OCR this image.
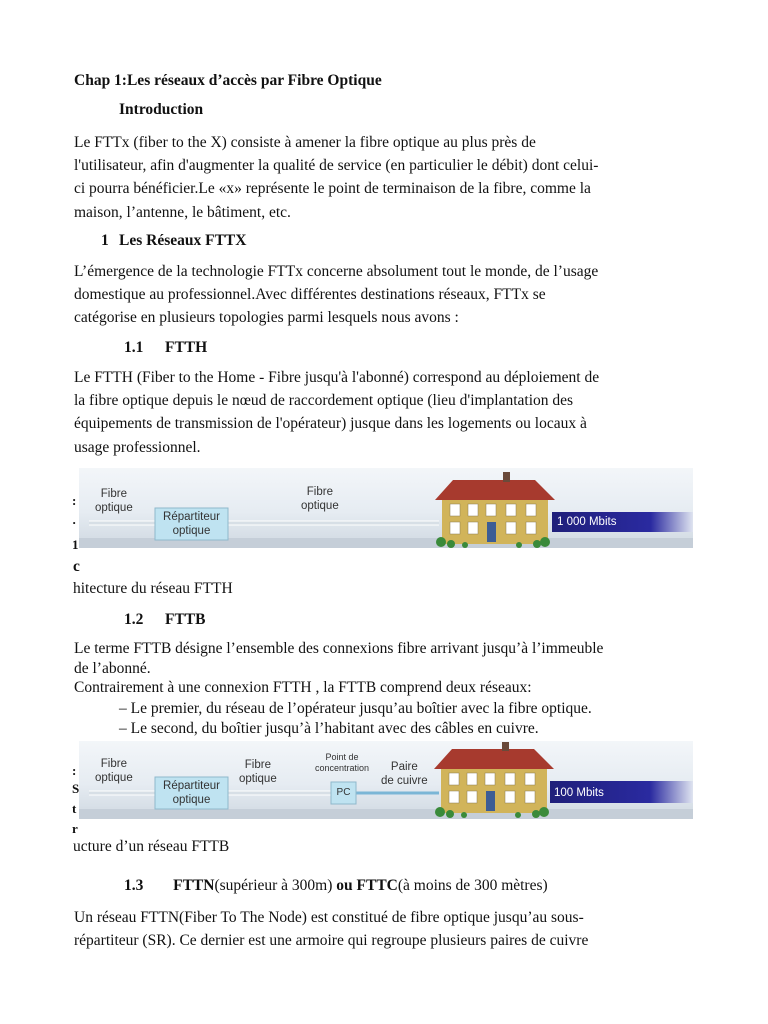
Chap 1:Les réseaux d’accès par Fibre Optique
Introduction
Le FTTx (fiber to the X) consiste à amener la fibre optique au plus près de
l'utilisateur, afin d'augmenter la qualité de service (en particulier le débit) dont celui-
ci pourra bénéficier.Le «x» représente le point de terminaison de la fibre, comme la
maison, l’antenne, le bâtiment, etc.
1 Les Réseaux FTTX
L’émergence de la technologie FTTx concerne absolument tout le monde, de l’usage
domestique au professionnel.Avec différentes destinations réseaux, FTTx se
catégorise en plusieurs topologies parmi lesquels nous avons :
1.1 FTTH
Le FTTH (Fiber to the Home - Fibre jusqu'à l'abonné) correspond au déploiement de
la fibre optique depuis le nœud de raccordement optique (lieu d'implantation des
équipements de transmission de l'opérateur) jusque dans les logements ou locaux à
usage professionnel.
Fibre
optique
Répartiteur
optique
Fibre
optique
1 000 Mbits
:
·
1
c
hitecture du réseau FTTH
1.2 FTTB
Le terme FTTB désigne l’ensemble des connexions fibre arrivant jusqu’à l’immeuble
de l’abonné.
Contrairement à une connexion FTTH , la FTTB comprend deux réseaux:
– Le premier, du réseau de l’opérateur jusqu’au boîtier avec la fibre optique.
– Le second, du boîtier jusqu’à l’habitant avec des câbles en cuivre.
Fibre
optique
Répartiteur
optique
Fibre
optique
Point de
concentration
PC
Paire
de cuivre
100 Mbits
:
S
t
r
ucture d’un réseau FTTB
1.3 FTTN(supérieur à 300m) ou FTTC(à moins de 300 mètres)
Un réseau FTTN(Fiber To The Node) est constitué de fibre optique jusqu’au sous-
répartiteur (SR). Ce dernier est une armoire qui regroupe plusieurs paires de cuivre
